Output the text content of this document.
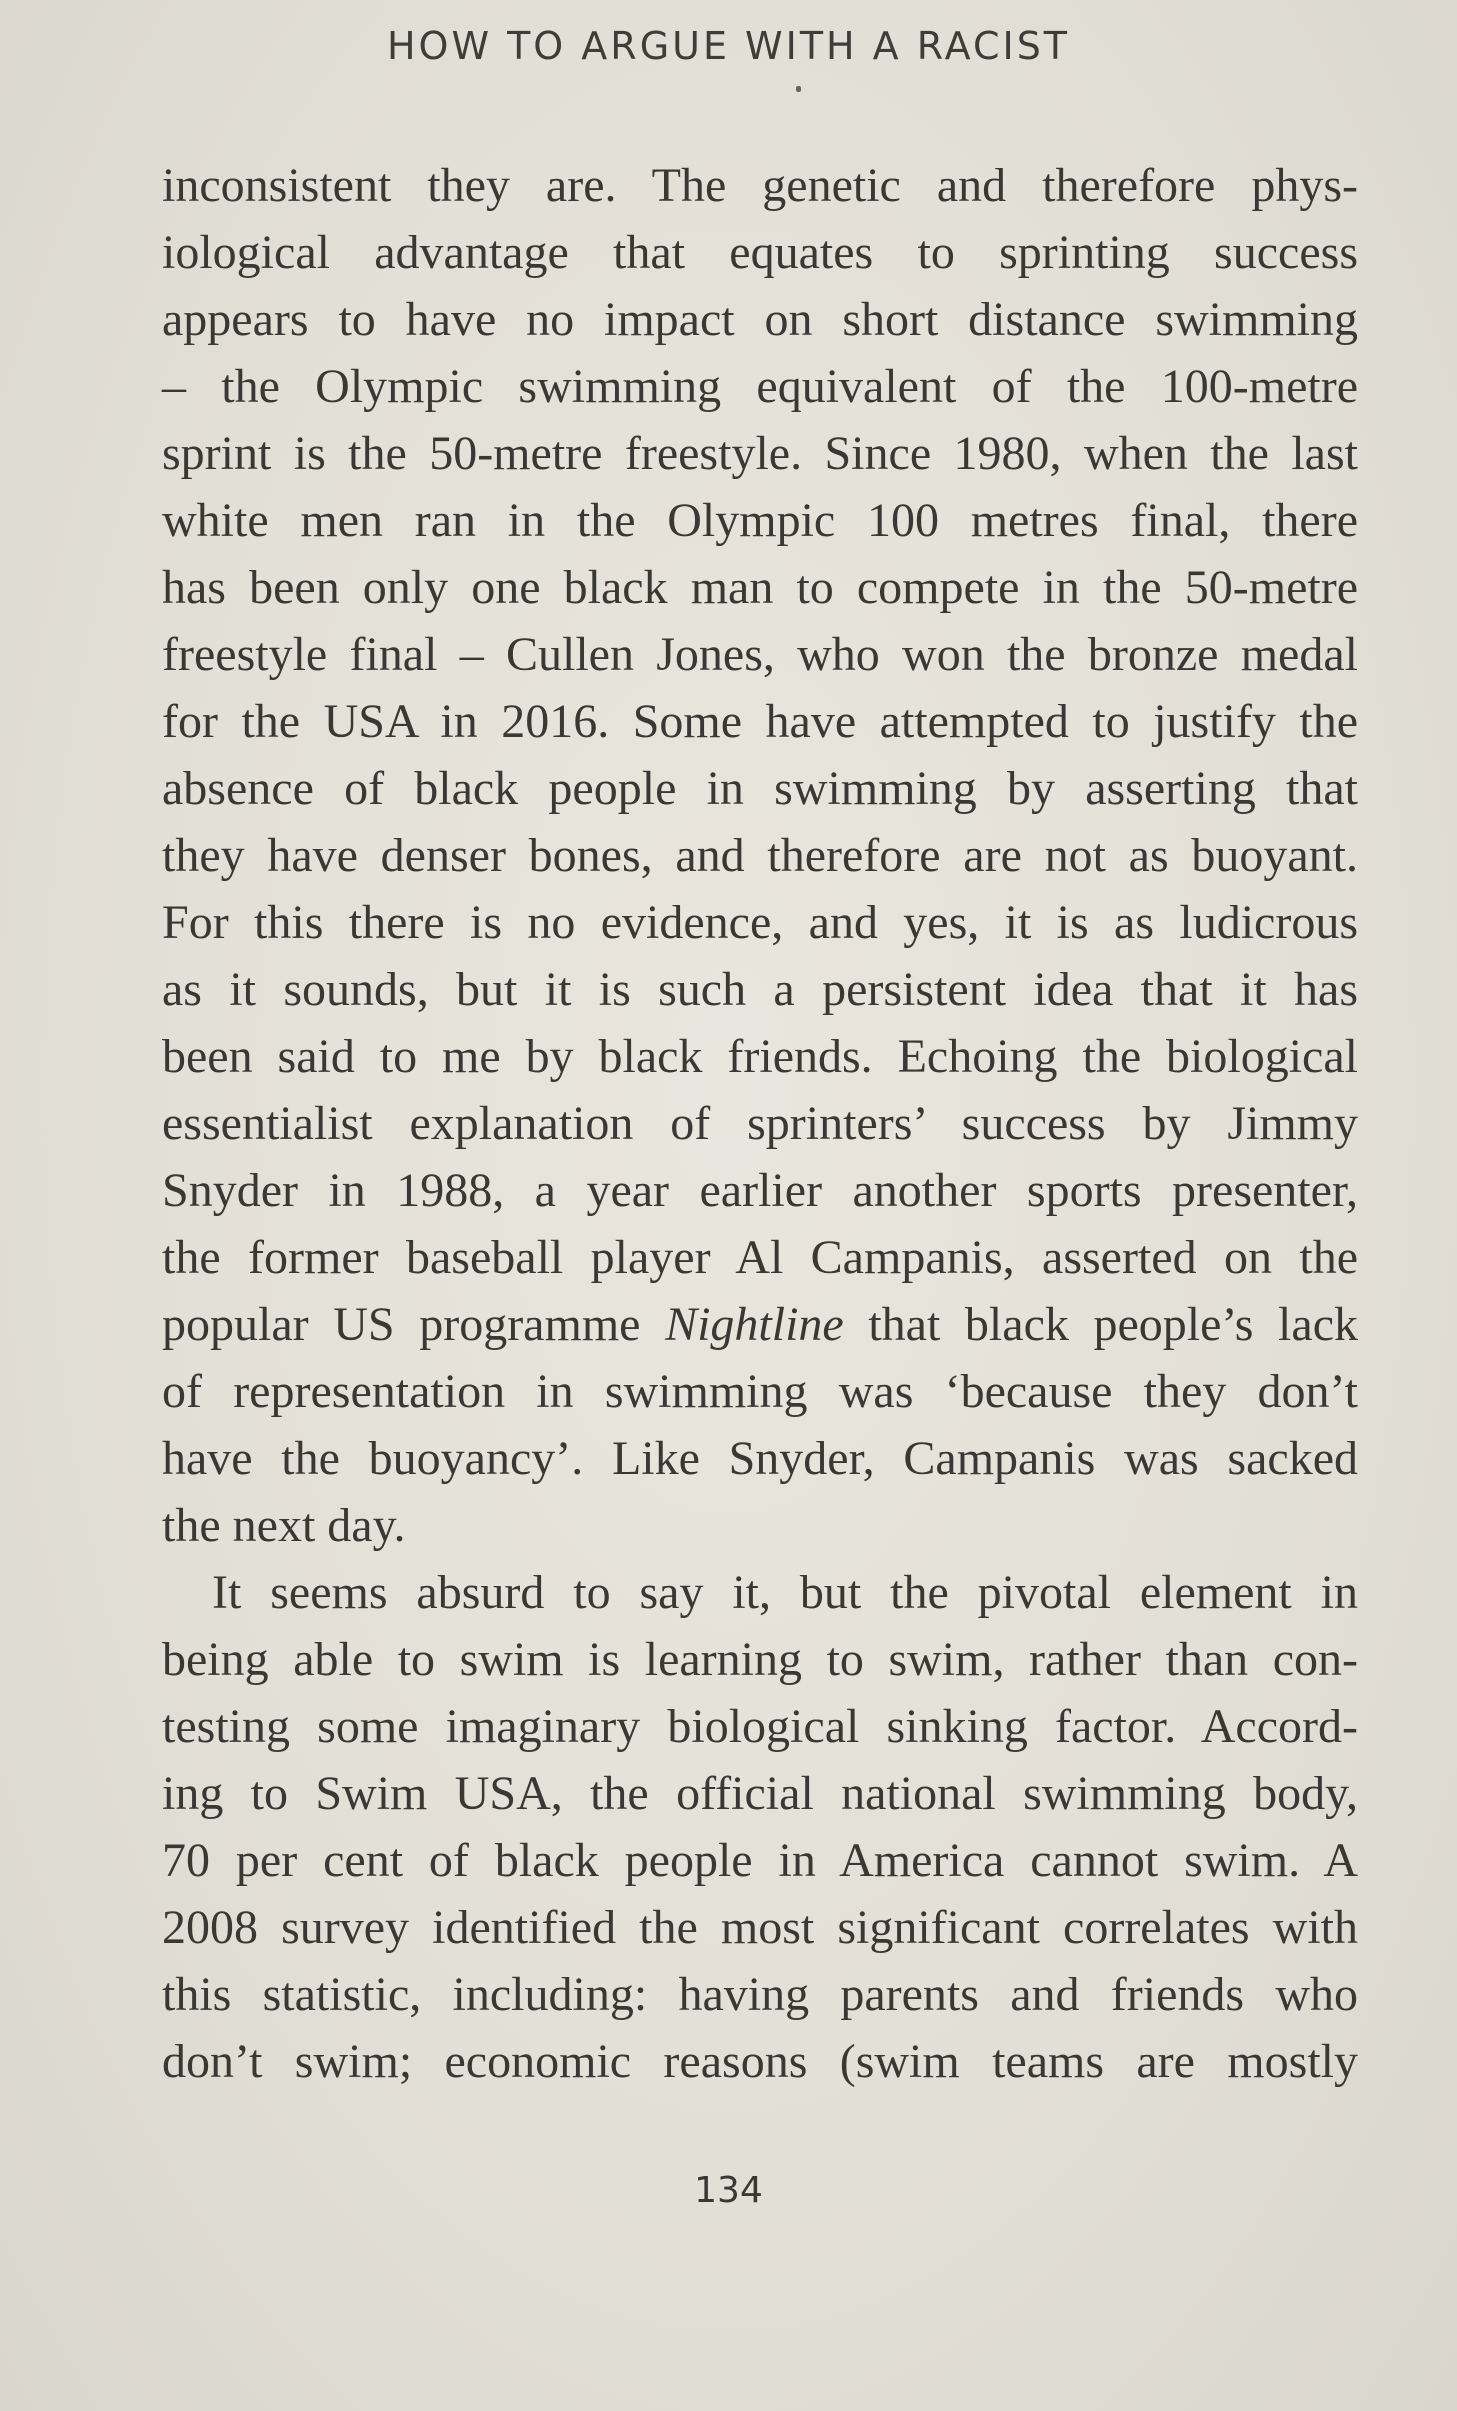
HOW TO ARGUE WITH A RACIST
inconsistent they are. The genetic and therefore phys-
iological advantage that equates to sprinting success
appears to have no impact on short distance swimming
– the Olympic swimming equivalent of the 100-metre
sprint is the 50-metre freestyle. Since 1980, when the last
white men ran in the Olympic 100 metres final, there
has been only one black man to compete in the 50-metre
freestyle final – Cullen Jones, who won the bronze medal
for the USA in 2016. Some have attempted to justify the
absence of black people in swimming by asserting that
they have denser bones, and therefore are not as buoyant.
For this there is no evidence, and yes, it is as ludicrous
as it sounds, but it is such a persistent idea that it has
been said to me by black friends. Echoing the biological
essentialist explanation of sprinters’ success by Jimmy
Snyder in 1988, a year earlier another sports presenter,
the former baseball player Al Campanis, asserted on the
popular US programme Nightline that black people’s lack
of representation in swimming was ‘because they don’t
have the buoyancy’. Like Snyder, Campanis was sacked
the next day.
It seems absurd to say it, but the pivotal element in
being able to swim is learning to swim, rather than con-
testing some imaginary biological sinking factor. Accord-
ing to Swim USA, the official national swimming body,
70 per cent of black people in America cannot swim. A
2008 survey identified the most significant correlates with
this statistic, including: having parents and friends who
don’t swim; economic reasons (swim teams are mostly
134
